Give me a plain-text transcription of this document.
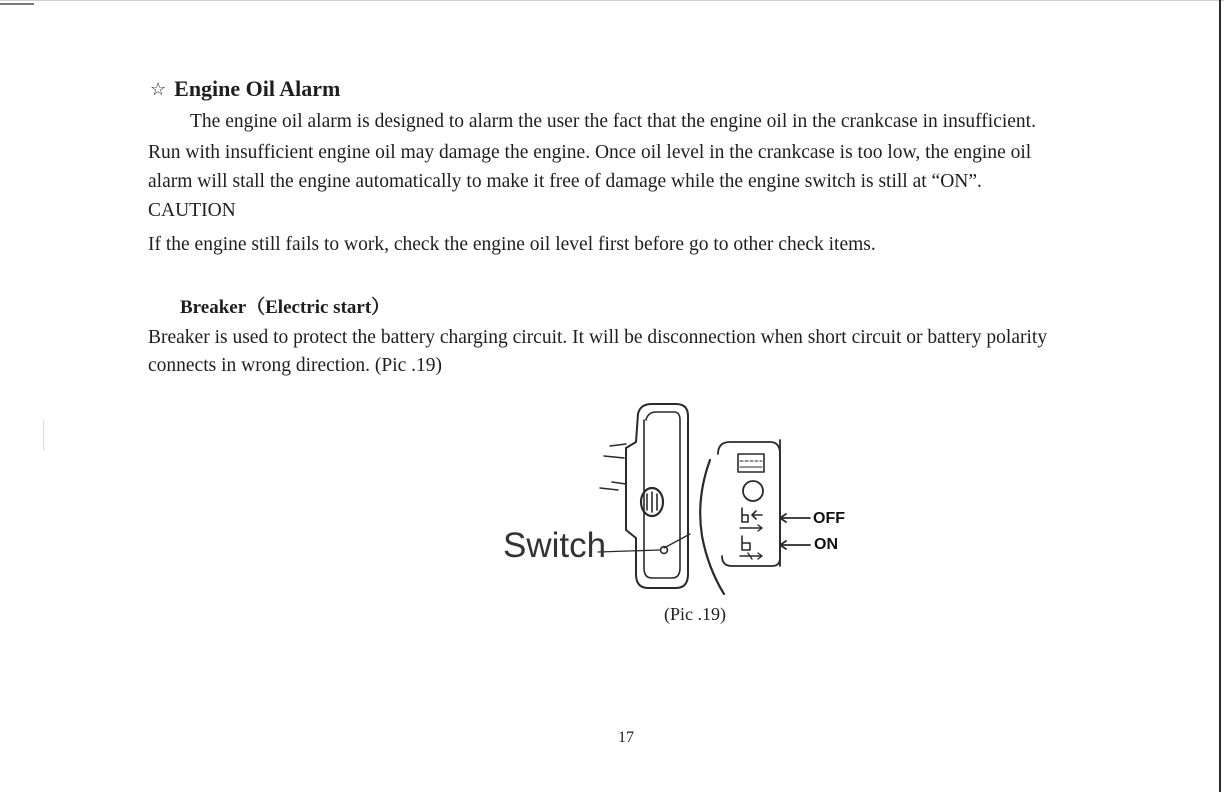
☆ Engine Oil Alarm
The engine oil alarm is designed to alarm the user the fact that the engine oil in the crankcase in insufficient.
Run with insufficient engine oil may damage the engine. Once oil level in the crankcase is too low, the engine oil
alarm will stall the engine automatically to make it free of damage while the engine switch is still at “ON”.
CAUTION
If the engine still fails to work, check the engine oil level first before go to other check items.
Breaker（Electric start）
Breaker is used to protect the battery charging circuit. It will be disconnection when short circuit or battery polarity
connects in wrong direction. (Pic .19)
Switch
OFF
ON
(Pic .19)
17
